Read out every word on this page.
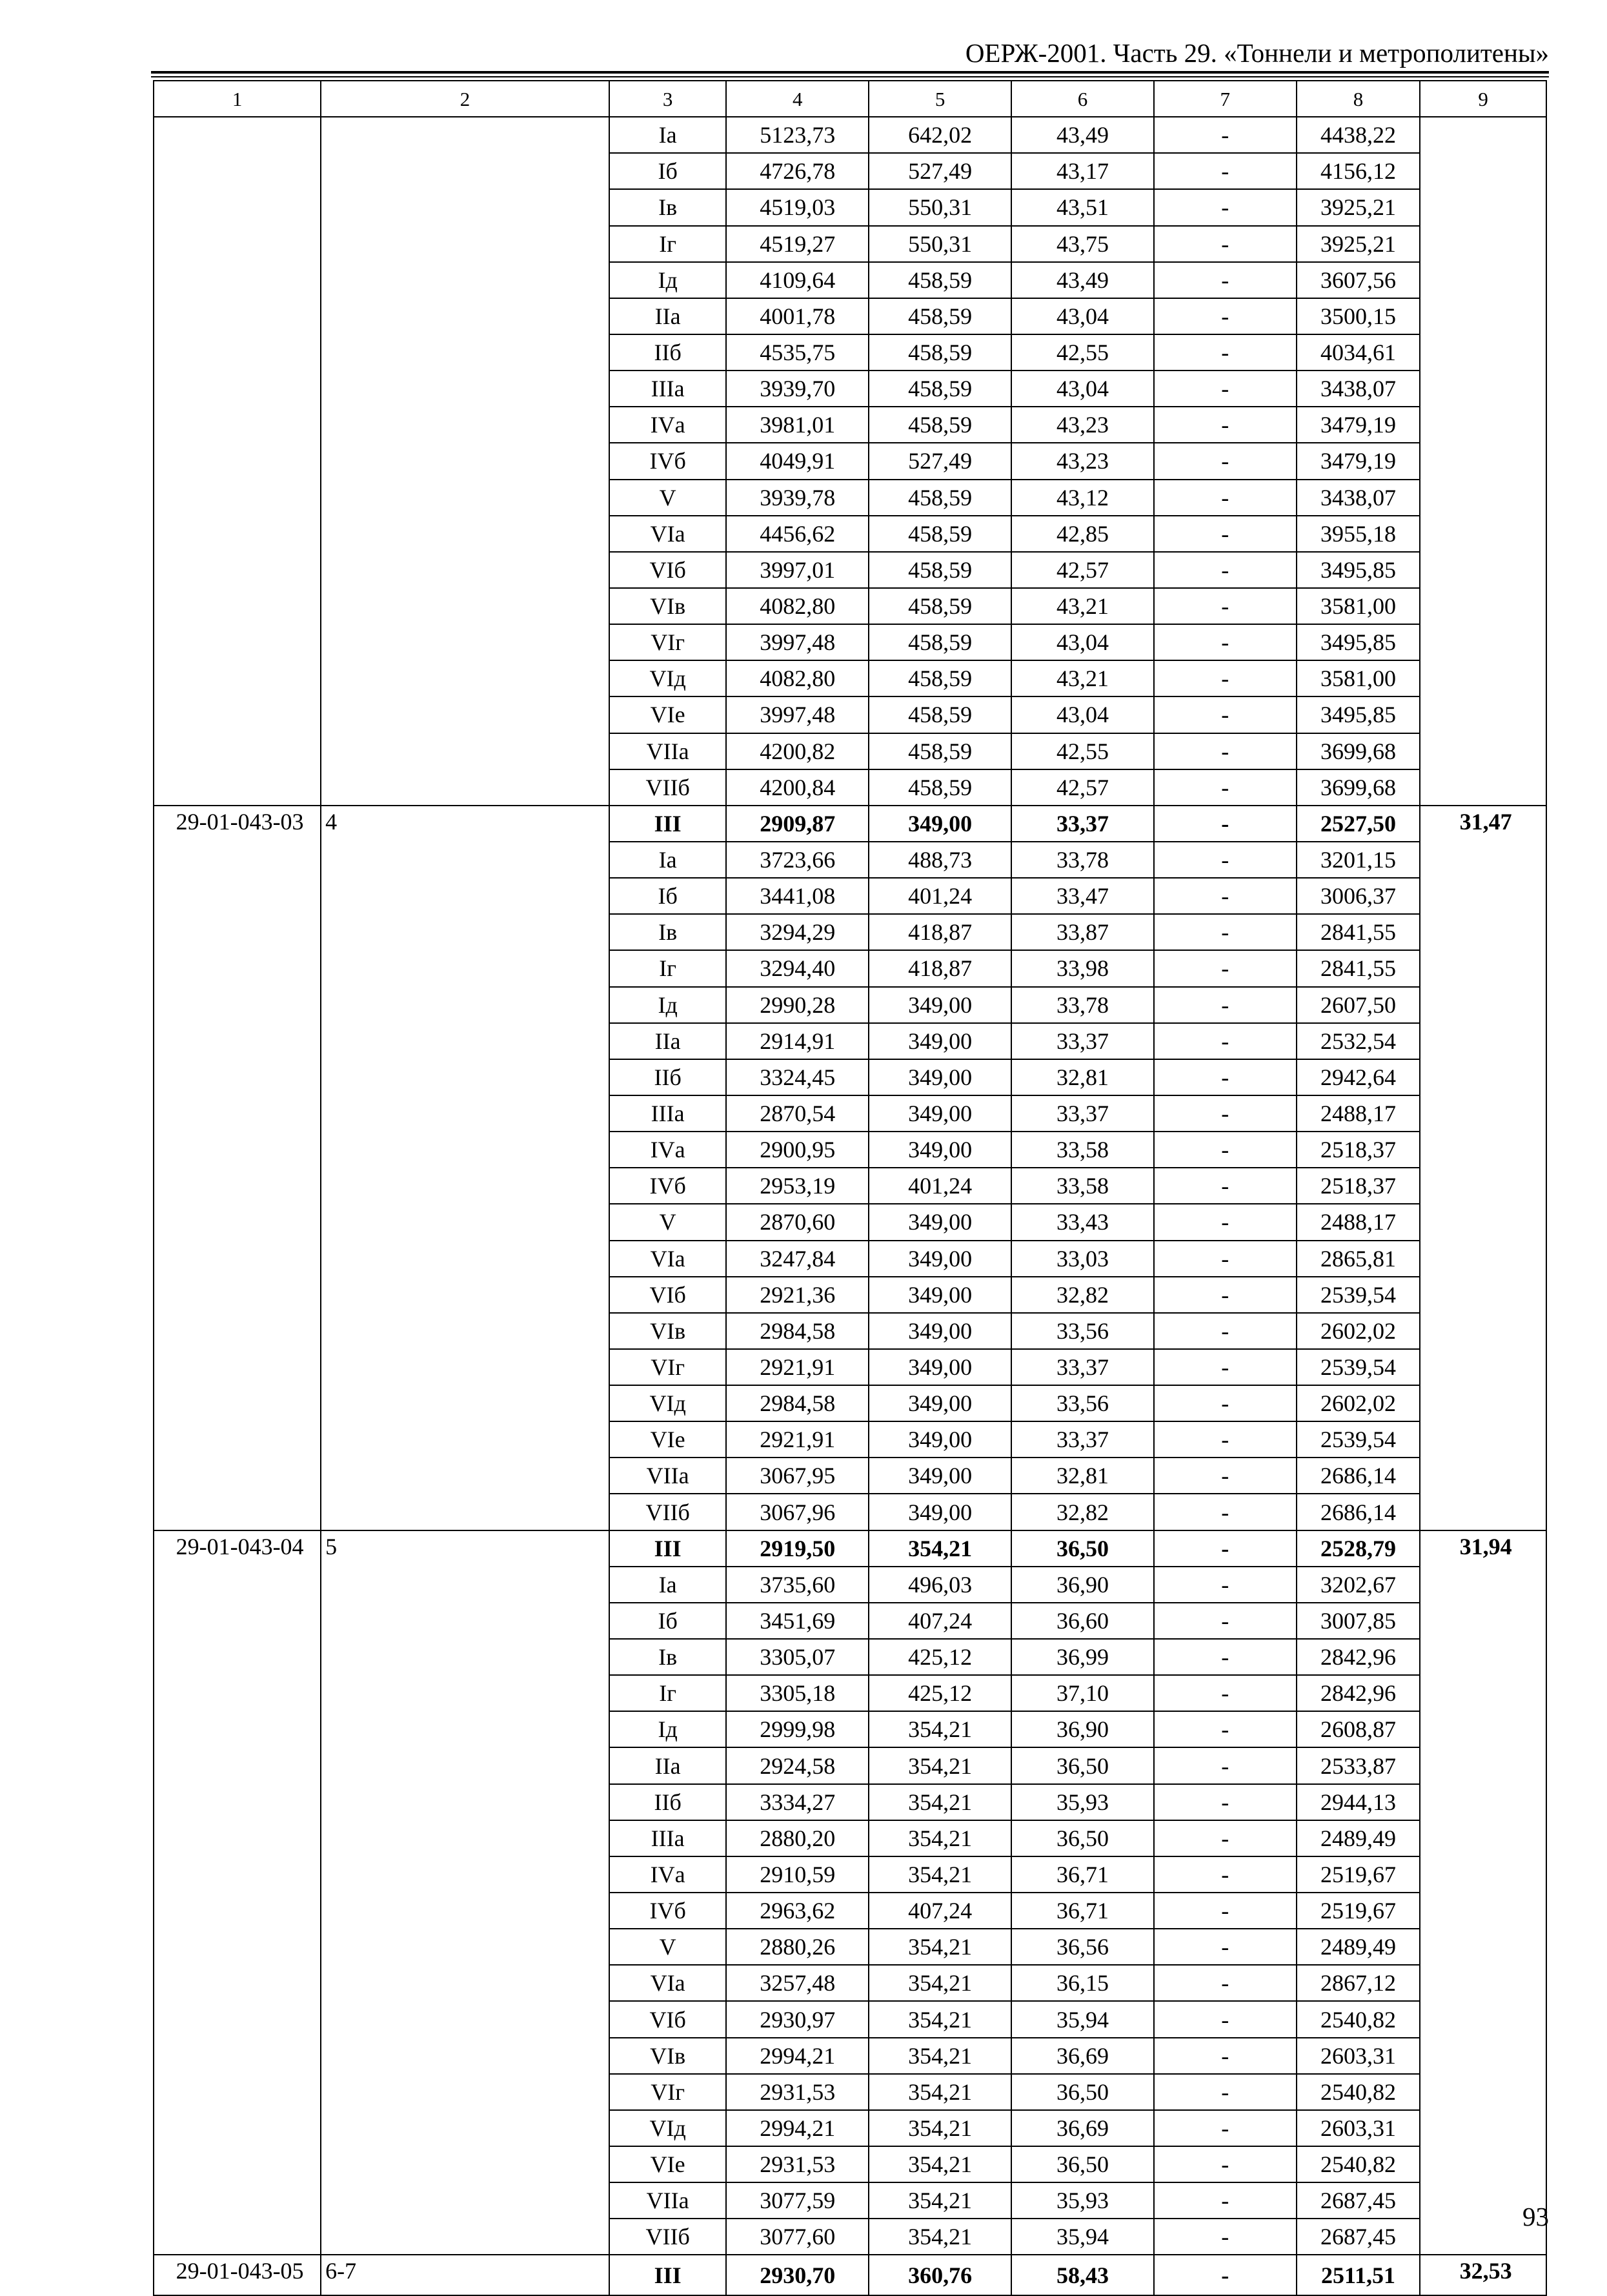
ОЕРЖ-2001. Часть 29. «Тоннели и метрополитены»
1	2	3	4	5	6	7	8	9
		Iа	5123,73	642,02	43,49	-	4438,22	
		Iб	4726,78	527,49	43,17	-	4156,12	
		Iв	4519,03	550,31	43,51	-	3925,21	
		Iг	4519,27	550,31	43,75	-	3925,21	
		Iд	4109,64	458,59	43,49	-	3607,56	
		IIа	4001,78	458,59	43,04	-	3500,15	
		IIб	4535,75	458,59	42,55	-	4034,61	
		IIIа	3939,70	458,59	43,04	-	3438,07	
		IVа	3981,01	458,59	43,23	-	3479,19	
		IVб	4049,91	527,49	43,23	-	3479,19	
		V	3939,78	458,59	43,12	-	3438,07	
		VIа	4456,62	458,59	42,85	-	3955,18	
		VIб	3997,01	458,59	42,57	-	3495,85	
		VIв	4082,80	458,59	43,21	-	3581,00	
		VIг	3997,48	458,59	43,04	-	3495,85	
		VIд	4082,80	458,59	43,21	-	3581,00	
		VIе	3997,48	458,59	43,04	-	3495,85	
		VIIа	4200,82	458,59	42,55	-	3699,68	
		VIIб	4200,84	458,59	42,57	-	3699,68	
29-01-043-03	4	III	2909,87	349,00	33,37	-	2527,50	31,47
		Iа	3723,66	488,73	33,78	-	3201,15	
		Iб	3441,08	401,24	33,47	-	3006,37	
		Iв	3294,29	418,87	33,87	-	2841,55	
		Iг	3294,40	418,87	33,98	-	2841,55	
		Iд	2990,28	349,00	33,78	-	2607,50	
		IIа	2914,91	349,00	33,37	-	2532,54	
		IIб	3324,45	349,00	32,81	-	2942,64	
		IIIа	2870,54	349,00	33,37	-	2488,17	
		IVа	2900,95	349,00	33,58	-	2518,37	
		IVб	2953,19	401,24	33,58	-	2518,37	
		V	2870,60	349,00	33,43	-	2488,17	
		VIа	3247,84	349,00	33,03	-	2865,81	
		VIб	2921,36	349,00	32,82	-	2539,54	
		VIв	2984,58	349,00	33,56	-	2602,02	
		VIг	2921,91	349,00	33,37	-	2539,54	
		VIд	2984,58	349,00	33,56	-	2602,02	
		VIе	2921,91	349,00	33,37	-	2539,54	
		VIIа	3067,95	349,00	32,81	-	2686,14	
		VIIб	3067,96	349,00	32,82	-	2686,14	
29-01-043-04	5	III	2919,50	354,21	36,50	-	2528,79	31,94
		Iа	3735,60	496,03	36,90	-	3202,67	
		Iб	3451,69	407,24	36,60	-	3007,85	
		Iв	3305,07	425,12	36,99	-	2842,96	
		Iг	3305,18	425,12	37,10	-	2842,96	
		Iд	2999,98	354,21	36,90	-	2608,87	
		IIа	2924,58	354,21	36,50	-	2533,87	
		IIб	3334,27	354,21	35,93	-	2944,13	
		IIIа	2880,20	354,21	36,50	-	2489,49	
		IVа	2910,59	354,21	36,71	-	2519,67	
		IVб	2963,62	407,24	36,71	-	2519,67	
		V	2880,26	354,21	36,56	-	2489,49	
		VIа	3257,48	354,21	36,15	-	2867,12	
		VIб	2930,97	354,21	35,94	-	2540,82	
		VIв	2994,21	354,21	36,69	-	2603,31	
		VIг	2931,53	354,21	36,50	-	2540,82	
		VIд	2994,21	354,21	36,69	-	2603,31	
		VIе	2931,53	354,21	36,50	-	2540,82	
		VIIа	3077,59	354,21	35,93	-	2687,45	
		VIIб	3077,60	354,21	35,94	-	2687,45	
29-01-043-05	6-7	III	2930,70	360,76	58,43	-	2511,51	32,53
93
